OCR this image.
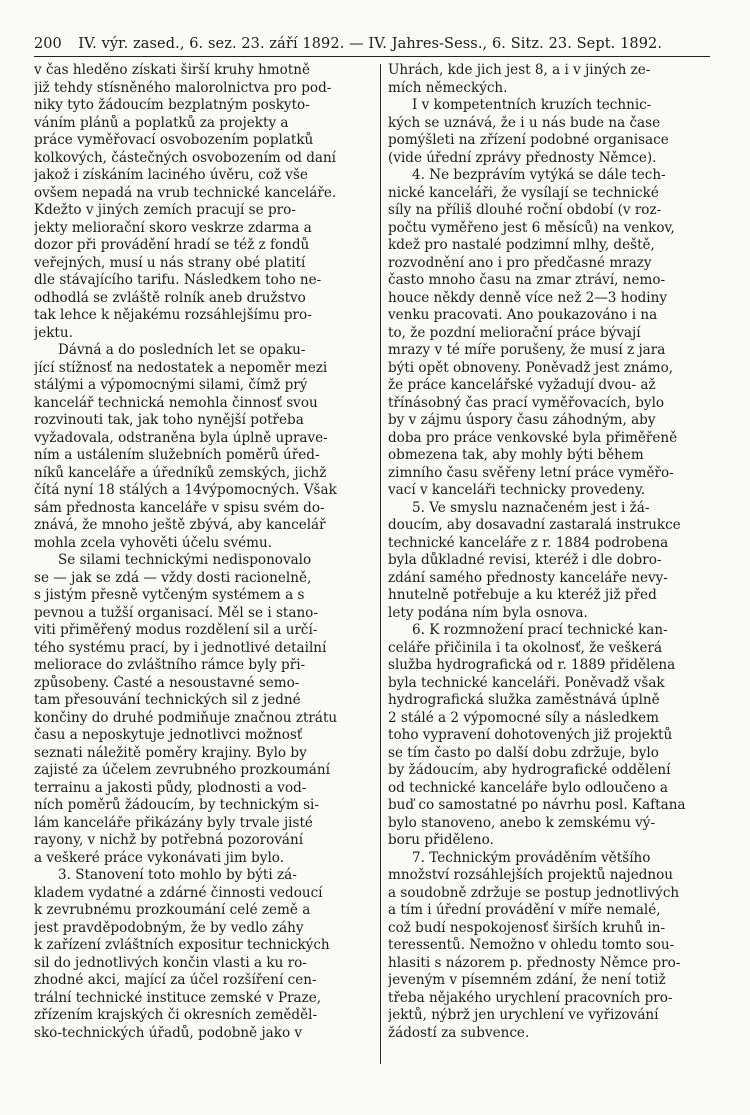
200 IV. výr. zased., 6. sez. 23. září 1892. — IV. Jahres-Sess., 6. Sitz. 23. Sept. 1892.
v čas hleděno získati širší kruhy hmotně
již tehdy stísněného malorolnictva pro pod-
niky tyto žádoucím bezplatným poskyto-
váním plánů a poplatků za projekty a
práce vyměřovací osvobozením poplatků
kolkových, částečných osvobozením od daní
jakož i získáním laciného úvěru, což vše
ovšem nepadá na vrub technické kanceláře.
Kdežto v jiných zemích pracují se pro-
jekty meliorační skoro veskrze zdarma a
dozor při provádění hradí se též z fondů
veřejných, musí u nás strany obé platití
dle stávajícího tarifu. Následkem toho ne-
odhodlá se zvláště rolník aneb družstvo
tak lehce k nějakému rozsáhlejšímu pro-
jektu.
Dávná a do posledních let se opaku-
jící stížnosť na nedostatek a nepoměr mezi
stálými a výpomocnými silami, čímž prý
kancelář technická nemohla činnosť svou
rozvinouti tak, jak toho nynější potřeba
vyžadovala, odstraněna byla úplně uprave-
ním a ustálením služebních poměrů úřed-
níků kanceláře a úředníků zemských, jichž
čítá nyní 18 stálých a 14výpomocných. Však
sám přednosta kanceláře v spisu svém do-
znává, že mnoho ještě zbývá, aby kancelář
mohla zcela vyhověti účelu svému.
Se silami technickými nedisponovalo
se — jak se zdá — vždy dosti racionelně,
s jistým přesně vytčeným systémem a s
pevnou a tužší organisací. Měl se i stano-
viti přiměřený modus rozdělení sil a určí-
tého systému prací, by i jednotlivé detailní
meliorace do zvláštního rámce byly při-
způsobeny. Časté a nesoustavné semo-
tam přesouvání technických sil z jedné
končiny do druhé podmiňuje značnou ztrátu
času a neposkytuje jednotlivci možnosť
seznati náležitě poměry krajiny. Bylo by
zajisté za účelem zevrubného prozkoumání
terrainu a jakosti půdy, plodnosti a vod-
ních poměrů žádoucím, by technickým si-
lám kanceláře přikázány byly trvale jisté
rayony, v nichž by potřebná pozorování
a veškeré práce vykonávati jim bylo.
3. Stanovení toto mohlo by býti zá-
kladem vydatné a zdárné činnosti vedoucí
k zevrubnému prozkoumání celé země a
jest pravděpodobným, že by vedlo záhy
k zařízení zvláštních expositur technických
sil do jednotlivých končin vlasti a ku ro-
zhodné akci, mající za účel rozšíření cen-
trální technické instituce zemské v Praze,
zřízením krajských či okresních zeměděl-
sko-technických úřadů, podobně jako v
Uhrách, kde jich jest 8, a i v jiných ze-
mích německých.
I v kompetentních kruzích technic-
kých se uznává, že i u nás bude na čase
pomýšleti na zřízení podobné organisace
(vide úřední zprávy přednosty Němce).
4. Ne bezprávím vytýká se dále tech-
nické kanceláři, že vysílají se technické
síly na příliš dlouhé roční období (v roz-
počtu vyměřeno jest 6 měsíců) na venkov,
kdež pro nastalé podzimní mlhy, deště,
rozvodnění ano i pro předčasné mrazy
často mnoho času na zmar ztráví, nemo-
houce někdy denně více než 2—3 hodiny
venku pracovati. Ano poukazováno i na
to, že pozdní meliorační práce bývají
mrazy v té míře porušeny, že musí z jara
býti opět obnoveny. Poněvadž jest známo,
že práce kancelářské vyžadují dvou- až
třínásobný čas prací vyměřovacích, bylo
by v zájmu úspory času záhodným, aby
doba pro práce venkovské byla přiměřeně
obmezena tak, aby mohly býti během
zimního času svěřeny letní práce vyměřo-
vací v kanceláři technicky provedeny.
5. Ve smyslu naznačeném jest i žá-
doucím, aby dosavadní zastaralá instrukce
technické kanceláře z r. 1884 podrobena
byla důkladné revisi, kteréž i dle dobro-
zdání samého přednosty kanceláře nevy-
hnutelně potřebuje a ku kteréž již před
lety podána ním byla osnova.
6. K rozmnožení prací technické kan-
celáře přičinila i ta okolnosť, že veškerá
služba hydrografická od r. 1889 přidělena
byla technické kanceláři. Poněvadž však
hydrografická služka zaměstnává úplně
2 stálé a 2 výpomocné síly a následkem
toho vypravení dohotovených již projektů
se tím často po další dobu zdržuje, bylo
by žádoucím, aby hydrografické oddělení
od technické kanceláře bylo odloučeno a
buď co samostatné po návrhu posl. Kaftana
bylo stanoveno, anebo k zemskému vý-
boru přiděleno.
7. Technickým prováděním většího
množství rozsáhlejších projektů najednou
a soudobně zdržuje se postup jednotlivých
a tím i úřední provádění v míře nemalé,
což budí nespokojenosť širších kruhů in-
teressentů. Nemožno v ohledu tomto sou-
hlasiti s názorem p. přednosty Němce pro-
jeveným v písemném zdání, že není totiž
třeba nějakého urychlení pracovních pro-
jektů, nýbrž jen urychlení ve vyřizování
žádostí za subvence.
